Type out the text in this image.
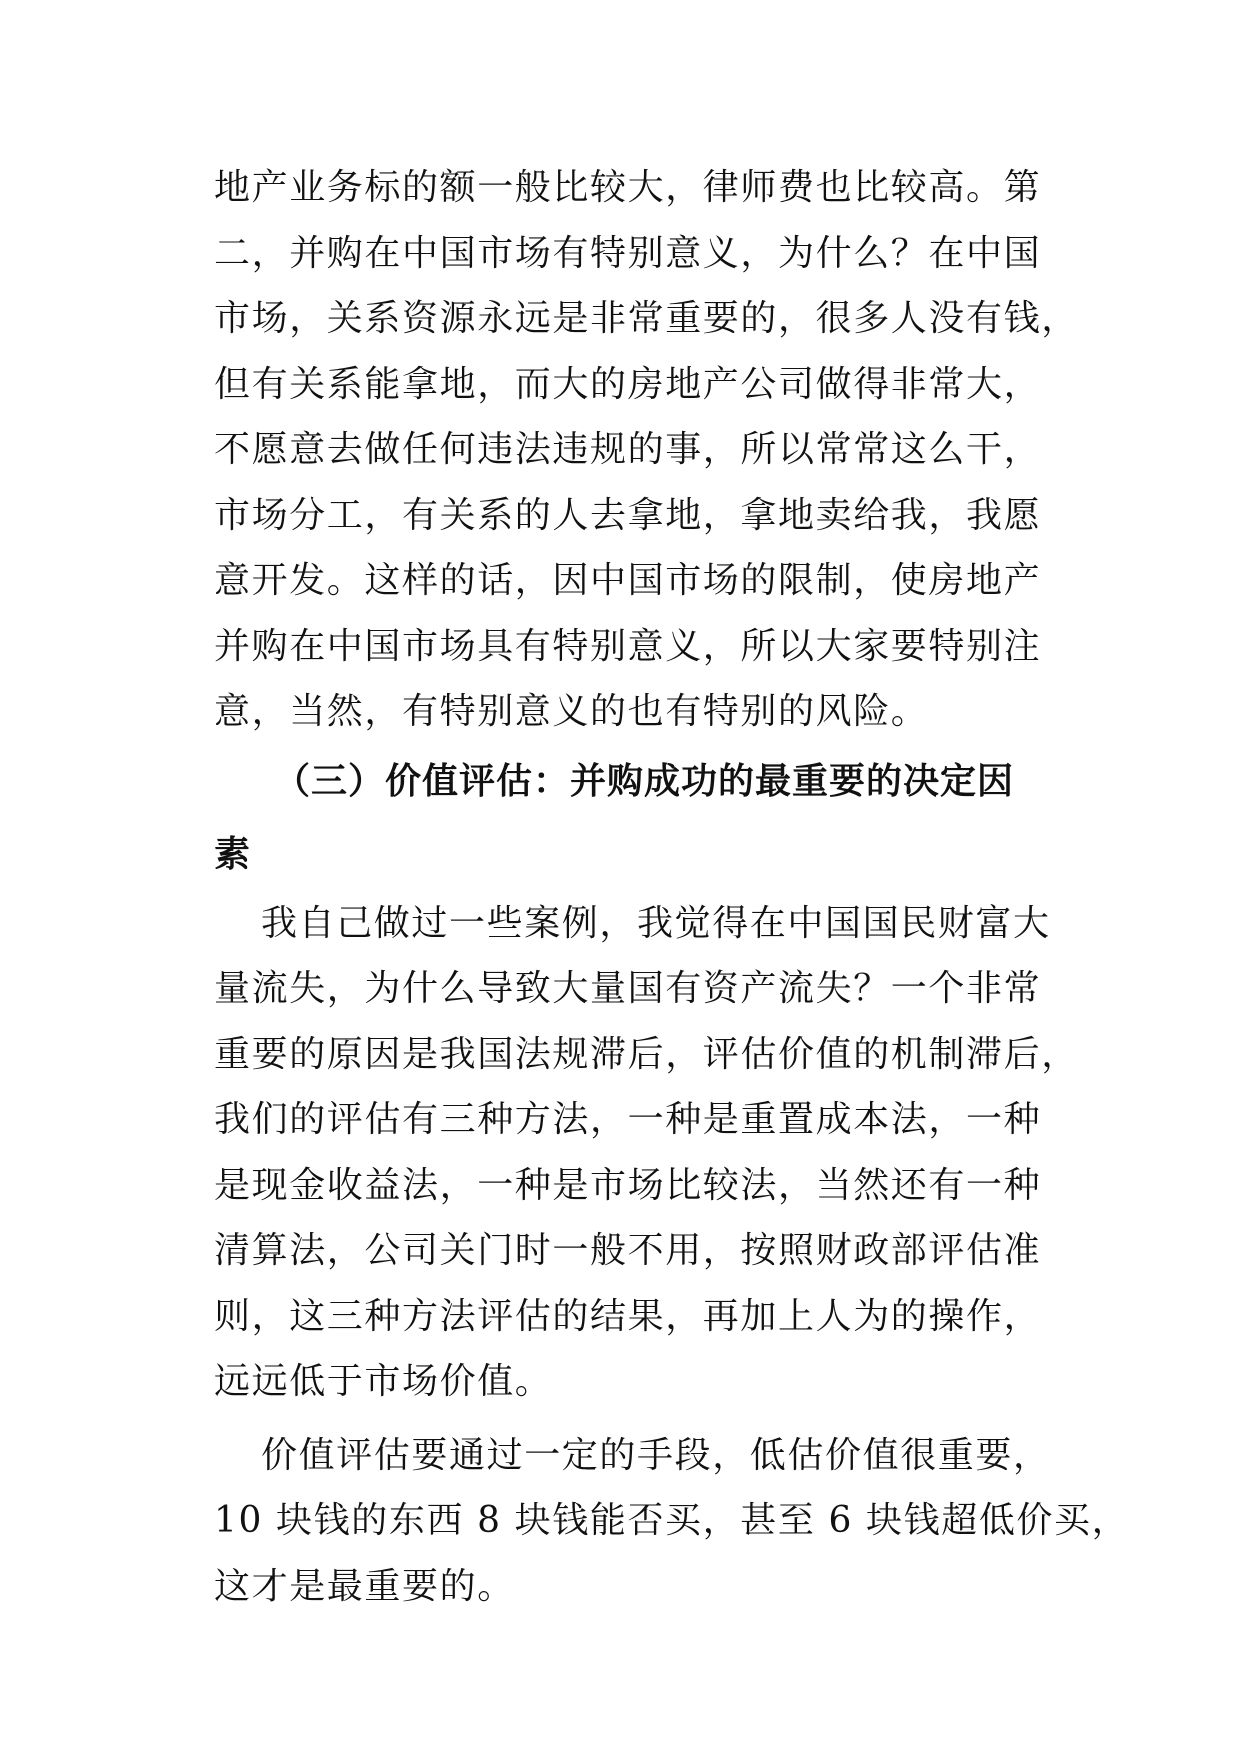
地产业务标的额一般比较大，律师费也比较高。第
二，并购在中国市场有特别意义，为什么？在中国
市场，关系资源永远是非常重要的，很多人没有钱，
但有关系能拿地，而大的房地产公司做得非常大，
不愿意去做任何违法违规的事，所以常常这么干，
市场分工，有关系的人去拿地，拿地卖给我，我愿
意开发。这样的话，因中国市场的限制，使房地产
并购在中国市场具有特别意义，所以大家要特别注
意，当然，有特别意义的也有特别的风险。
（三）价值评估：并购成功的最重要的决定因
素
我自己做过一些案例，我觉得在中国国民财富大
量流失，为什么导致大量国有资产流失？一个非常
重要的原因是我国法规滞后，评估价值的机制滞后，
我们的评估有三种方法，一种是重置成本法，一种
是现金收益法，一种是市场比较法，当然还有一种
清算法，公司关门时一般不用，按照财政部评估准
则，这三种方法评估的结果，再加上人为的操作，
远远低于市场价值。
价值评估要通过一定的手段，低估价值很重要，
10 块钱的东西 8 块钱能否买，甚至 6 块钱超低价买，
这才是最重要的。
